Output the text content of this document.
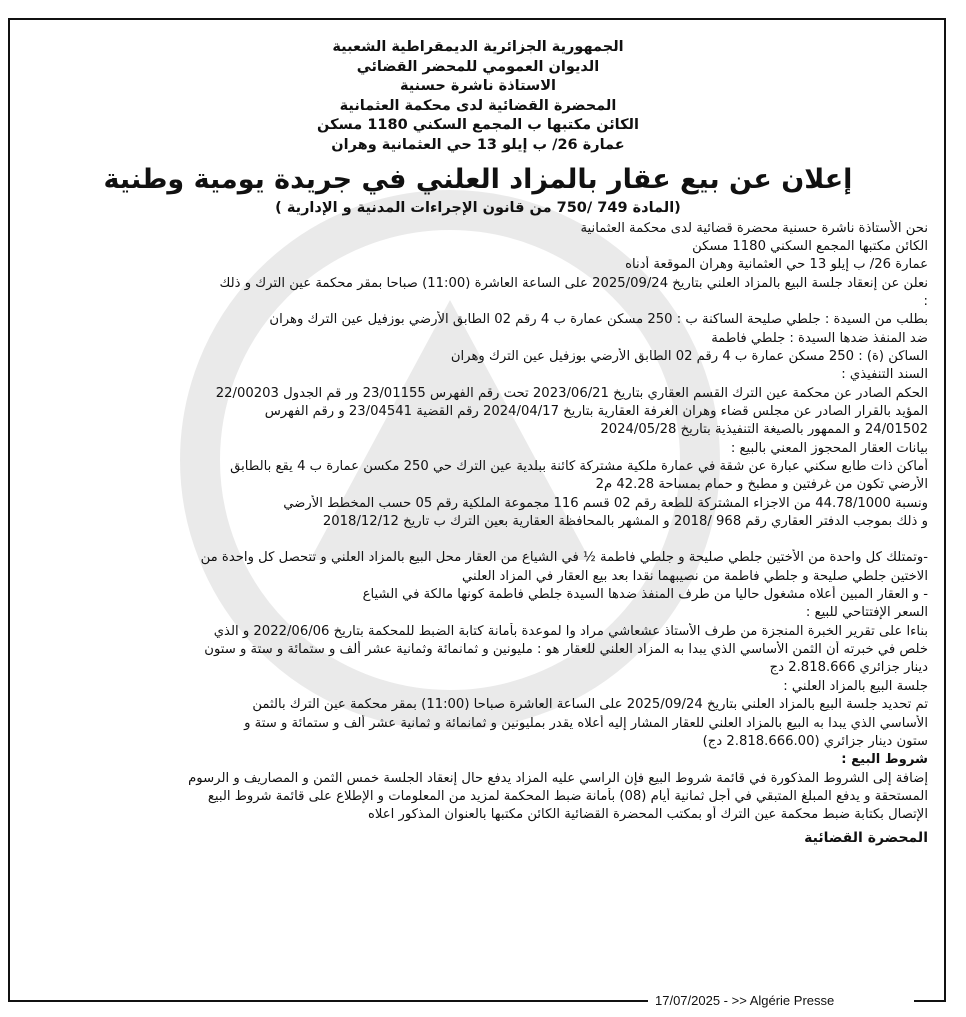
الجمهورية الجزائرية الديمقراطية الشعبية
الديوان العمومي للمحضر القضائي
الاستاذة ناشرة حسنية
المحضرة القضائية لدى محكمة العثمانية
الكائن مكتبها ب المجمع السكني 1180 مسكن
عمارة 26/ ب إيلو 13 حي العثمانية وهران
إعلان عن بيع عقار بالمزاد العلني في جريدة يومية وطنية
(المادة 749 /750 من قانون الإجراءات المدنية و الإدارية )
نحن الأستاذة ناشرة حسنية محضرة قضائية لدى محكمة العثمانية
الكائن مكتبها المجمع السكني 1180 مسكن
عمارة 26/ ب إيلو 13 حي العثمانية وهران الموقعة أدناه
نعلن عن إنعقاد جلسة البيع بالمزاد العلني بتاريخ 2025/09/24 على الساعة العاشرة (11:00) صباحا بمقر محكمة عين الترك و ذلك
:
بطلب من السيدة : جلطي صليحة الساكنة ب : 250 مسكن عمارة ب 4 رقم 02 الطابق الأرضي بوزفيل عين الترك وهران
ضد المنفذ ضدها السيدة : جلطي فاطمة
الساكن (ة) : 250 مسكن عمارة ب 4 رقم 02 الطابق الأرضي بوزفيل عين الترك وهران
السند التنفيذي :
الحكم الصادر عن محكمة عين الترك القسم العقاري بتاريخ 2023/06/21 تحت رقم الفهرس 23/01155 ور قم الجدول 22/00203
المؤيد بالقرار الصادر عن مجلس قضاء وهران الغرفة العقارية بتاريخ 2024/04/17 رقم القضية 23/04541 و رقم الفهرس
24/01502 و الممهور بالصيغة التنفيذية بتاريخ 2024/05/28
بيانات العقار المحجوز المعني بالبيع :
أماكن ذات طابع سكني عبارة عن شقة في عمارة ملكية مشتركة كائنة ببلدية عين الترك حي 250 مكسن عمارة ب 4 يقع بالطابق
الأرضي تكون من غرفتين و مطبخ و حمام بمساحة 42.28 م2
ونسبة 44.78/1000 من الاجزاء المشتركة للطعة رقم 02 قسم 116 مجموعة الملكية رقم 05 حسب المخطط الأرضي
و ذلك بموجب الدفتر العقاري رقم 968 /2018 و المشهر بالمحافظة العقارية بعين الترك ب تاريخ 2018/12/12
-وتمتلك كل واحدة من الأختين جلطي صليحة و جلطي فاطمة ½ في الشياع من العقار محل البيع بالمزاد العلني و تتحصل كل واحدة من
الاختين جلطي صليحة و جلطي فاطمة من نصيبهما نقدا بعد بيع العقار في المزاد العلني
- و العقار المبين أعلاه مشغول حاليا من طرف المنفذ ضدها السيدة جلطي فاطمة كونها مالكة في الشياع
السعر الإفتتاحي للبيع :
بناءا على تقرير الخبرة المنجزة من طرف الأستاذ عشعاشي مراد وا لموعدة بأمانة كتابة الضبط للمحكمة بتاريخ 2022/06/06 و الذي
خلص في خبرته أن الثمن الأساسي الذي يبدا به المزاد العلني للعقار هو : مليونين و ثمانمائة وثمانية عشر ألف و ستمائة و ستة و ستون
دينار جزائري 2.818.666 دج
جلسة البيع بالمزاد العلني :
تم تحديد جلسة البيع بالمزاد العلني بتاريخ 2025/09/24 على الساعة العاشرة صباحا (11:00) بمقر محكمة عين الترك بالثمن
الأساسي الذي يبدا به البيع بالمزاد العلني للعقار المشار إليه أعلاه يقدر بمليونين و ثمانمائة و ثمانية عشر ألف و ستمائة و ستة و
ستون دينار جزائري (2.818.666.00 دج)
شروط البيع :
إضافة إلى الشروط المذكورة في قائمة شروط البيع فإن الراسي عليه المزاد يدفع حال إنعقاد الجلسة خمس الثمن و المصاريف و الرسوم
المستحقة و يدفع المبلغ المتبقي في أجل ثمانية أيام (08) بأمانة ضبط المحكمة لمزيد من المعلومات و الإطلاع على قائمة شروط البيع
الإتصال بكتابة ضبط محكمة عين الترك أو بمكتب المحضرة القضائية الكائن مكتبها بالعنوان المذكور اعلاه
المحضرة القضائية
17/07/2025 - >> Algérie Presse
